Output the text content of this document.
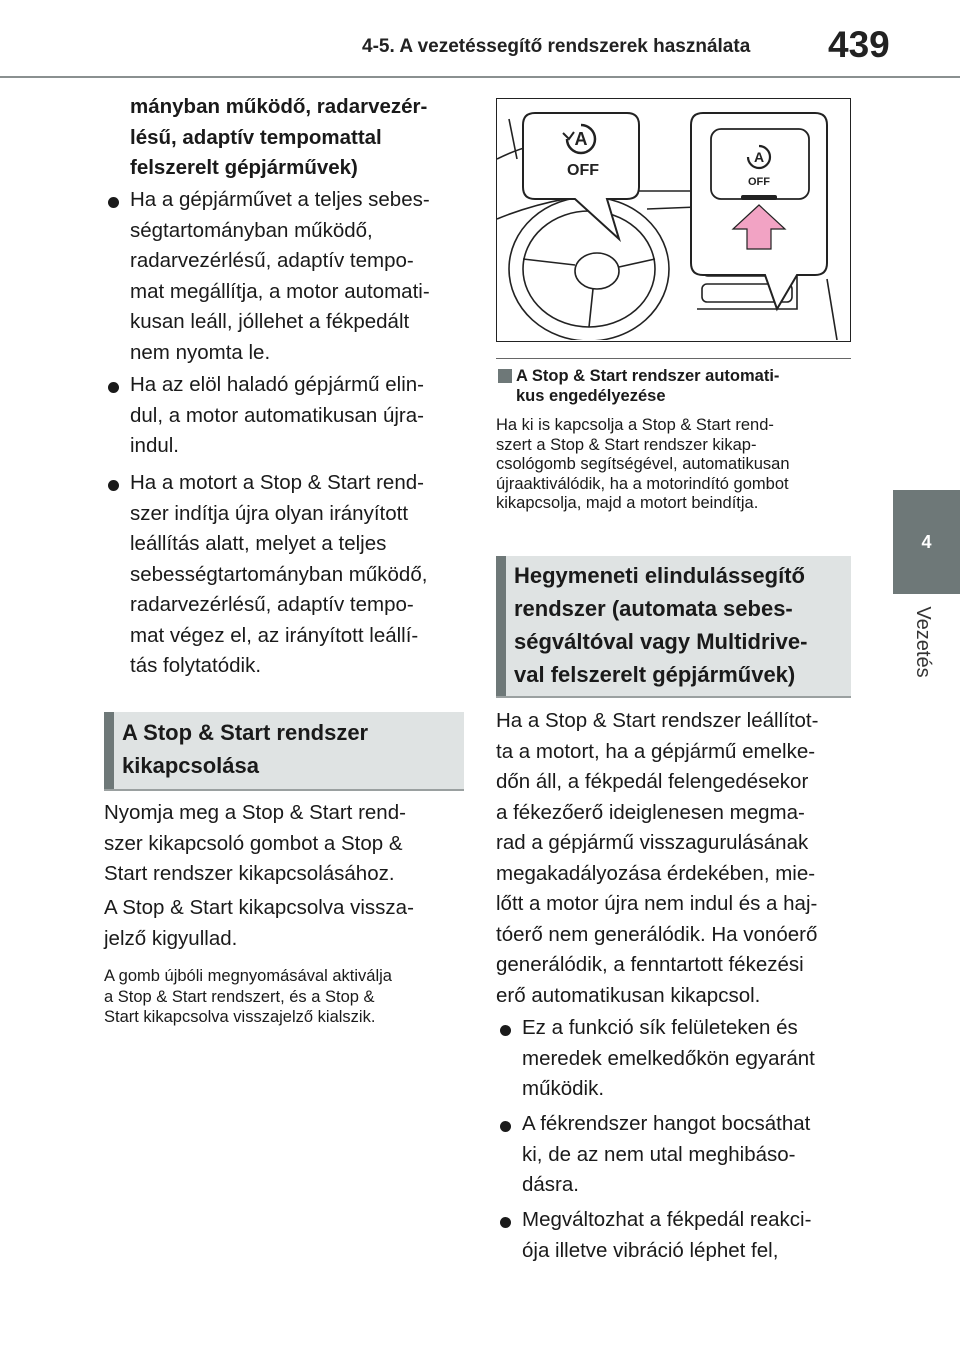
4-5. A vezetéssegítő rendszerek használata 439
4
Vezetés
mányban működő, radarvezér-
lésű, adaptív tempomattal
felszerelt gépjárművek)
Ha a gépjárművet a teljes sebes-
ségtartományban működő,
radarvezérlésű, adaptív tempo-
mat megállítja, a motor automati-
kusan leáll, jóllehet a fékpedált
nem nyomta le.
Ha az elöl haladó gépjármű elin-
dul, a motor automatikusan újra-
indul.
Ha a motort a Stop & Start rend-
szer indítja újra olyan irányított
leállítás alatt, melyet a teljes
sebességtartományban működő,
radarvezérlésű, adaptív tempo-
mat végez el, az irányított leállí-
tás folytatódik.
A Stop & Start rendszer
kikapcsolása
Nyomja meg a Stop & Start rend-
szer kikapcsoló gombot a Stop &
Start rendszer kikapcsolásához.
A Stop & Start kikapcsolva vissza-
jelző kigyullad.
A gomb újbóli megnyomásával aktiválja
a Stop & Start rendszert, és a Stop &
Start kikapcsolva visszajelző kialszik.
A
OFF
A
OFF
A Stop & Start rendszer automati-
kus engedélyezése
Ha ki is kapcsolja a Stop & Start rend-
szert a Stop & Start rendszer kikap-
csológomb segítségével, automatikusan
újraaktiválódik, ha a motorindító gombot
kikapcsolja, majd a motort beindítja.
Hegymeneti elindulássegítő
rendszer (automata sebes-
ségváltóval vagy Multidrive-
val felszerelt gépjárművek)
Ha a Stop & Start rendszer leállítot-
ta a motort, ha a gépjármű emelke-
dőn áll, a fékpedál felengedésekor
a fékezőerő ideiglenesen megma-
rad a gépjármű visszagurulásának
megakadályozása érdekében, mie-
lőtt a motor újra nem indul és a haj-
tóerő nem generálódik. Ha vonóerő
generálódik, a fenntartott fékezési
erő automatikusan kikapcsol.
Ez a funkció sík felületeken és
meredek emelkedőkön egyaránt
működik.
A fékrendszer hangot bocsáthat
ki, de az nem utal meghibáso-
dásra.
Megváltozhat a fékpedál reakci-
ója illetve vibráció léphet fel,
